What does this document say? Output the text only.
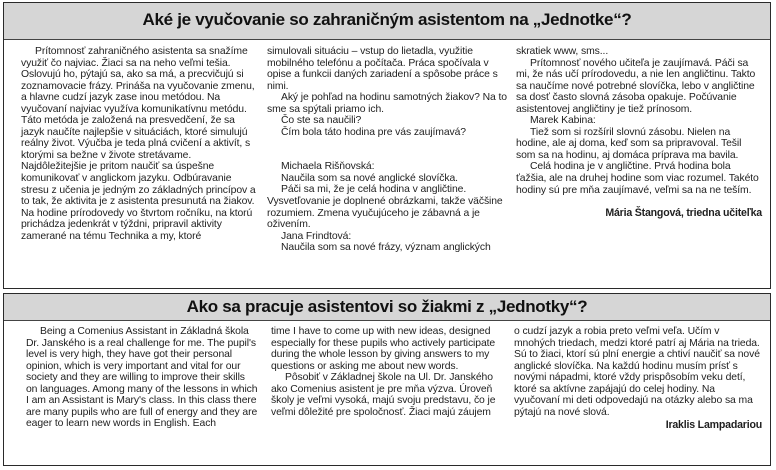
Aké je vyučovanie so zahraničným asistentom na „Jednotke“?

Prítomnosť zahraničného asistenta sa snažíme využiť čo najviac. Žiaci sa na neho veľmi tešia. Oslovujú ho, pýtajú sa, ako sa má, a precvičujú si zoznamovacie frázy. Prináša na vyučovanie zmenu, a hlavne cudzí jazyk zase inou metódou. Na vyučovaní najviac využíva komunikatívnu metódu. Táto metóda je založená na presvedčení, že sa jazyk naučíte najlepšie v situáciách, ktoré simulujú reálny život. Výučba je teda plná cvičení a aktivít, s ktorými sa bežne v živote stretávame. Najdôležitejšie je pritom naučiť sa úspešne komunikovať v anglickom jazyku. Odbúravanie stresu z učenia je jedným zo základných princípov a to tak, že aktivita je z asistenta presunutá na žiakov. Na hodine prírodovedy vo štvrtom ročníku, na ktorú prichádza jedenkrát v týždni, pripravil aktivity zamerané na tému Technika a my, ktoré

simulovali situáciu – vstup do lietadla, využitie mobilného telefónu a počítača. Práca spočívala v opise a funkcii daných zariadení a spôsobe práce s nimi.

Aký je pohľad na hodinu samotných žiakov? Na to sme sa spýtali priamo ich.

Čo ste sa naučili?

Čím bola táto hodina pre vás zaujímavá?

Michaela Rišňovská:

Naučila som sa nové anglické slovíčka.

Páči sa mi, že je celá hodina v angličtine. Vysvetľovanie je doplnené obrázkami, takže väčšine rozumiem. Zmena vyučujúceho je zábavná a je oživením.

Jana Frindtová:

Naučila som sa nové frázy, význam anglických

skratiek www, sms...

Prítomnosť nového učiteľa je zaujímavá. Páči sa mi, že nás učí prírodovedu, a nie len angličtinu. Takto sa naučíme nové potrebné slovíčka, lebo v angličtine sa dosť často slovná zásoba opakuje. Počúvanie asistentovej angličtiny je tiež prínosom.

Marek Kabina:

Tiež som si rozšíril slovnú zásobu. Nielen na hodine, ale aj doma, keď som sa pripravoval. Tešil som sa na hodinu, aj domáca príprava ma bavila.

Celá hodina je v angličtine. Prvá hodina bola ťažšia, ale na druhej hodine som viac rozumel. Takéto hodiny sú pre mňa zaujímavé, veľmi sa na ne teším.

Mária Štangová, triedna učiteľka

Ako sa pracuje asistentovi so žiakmi z „Jednotky“?

Being a Comenius Assistant in Základná škola Dr. Janského is a real challenge for me. The pupil's level is very high, they have got their personal opinion, which is very important and vital for our society and they are willing to improve their skills on languages. Among many of the lessons in which I am an Assistant is Mary's class. In this class there are many pupils who are full of energy and they are eager to learn new words in English. Each

time I have to come up with new ideas, designed especially for these pupils who actively participate during the whole lesson by giving answers to my questions or asking me about new words.

Pôsobiť v Základnej škole na Ul. Dr. Janského ako Comenius asistent je pre mňa výzva. Úroveň školy je veľmi vysoká, majú svoju predstavu, čo je veľmi dôležité pre spoločnosť. Žiaci majú záujem

o cudzí jazyk a robia preto veľmi veľa. Učím v mnohých triedach, medzi ktoré patrí aj Mária na trieda. Sú to žiaci, ktorí sú plní energie a chtiví naučiť sa nové anglické slovíčka. Na každú hodinu musím prísť s novými nápadmi, ktoré vždy prispôsobím veku detí, ktoré sa aktívne zapájajú do celej hodiny. Na vyučovaní mi deti odpovedajú na otázky alebo sa ma pýtajú na nové slová.

Iraklis Lampadariou
